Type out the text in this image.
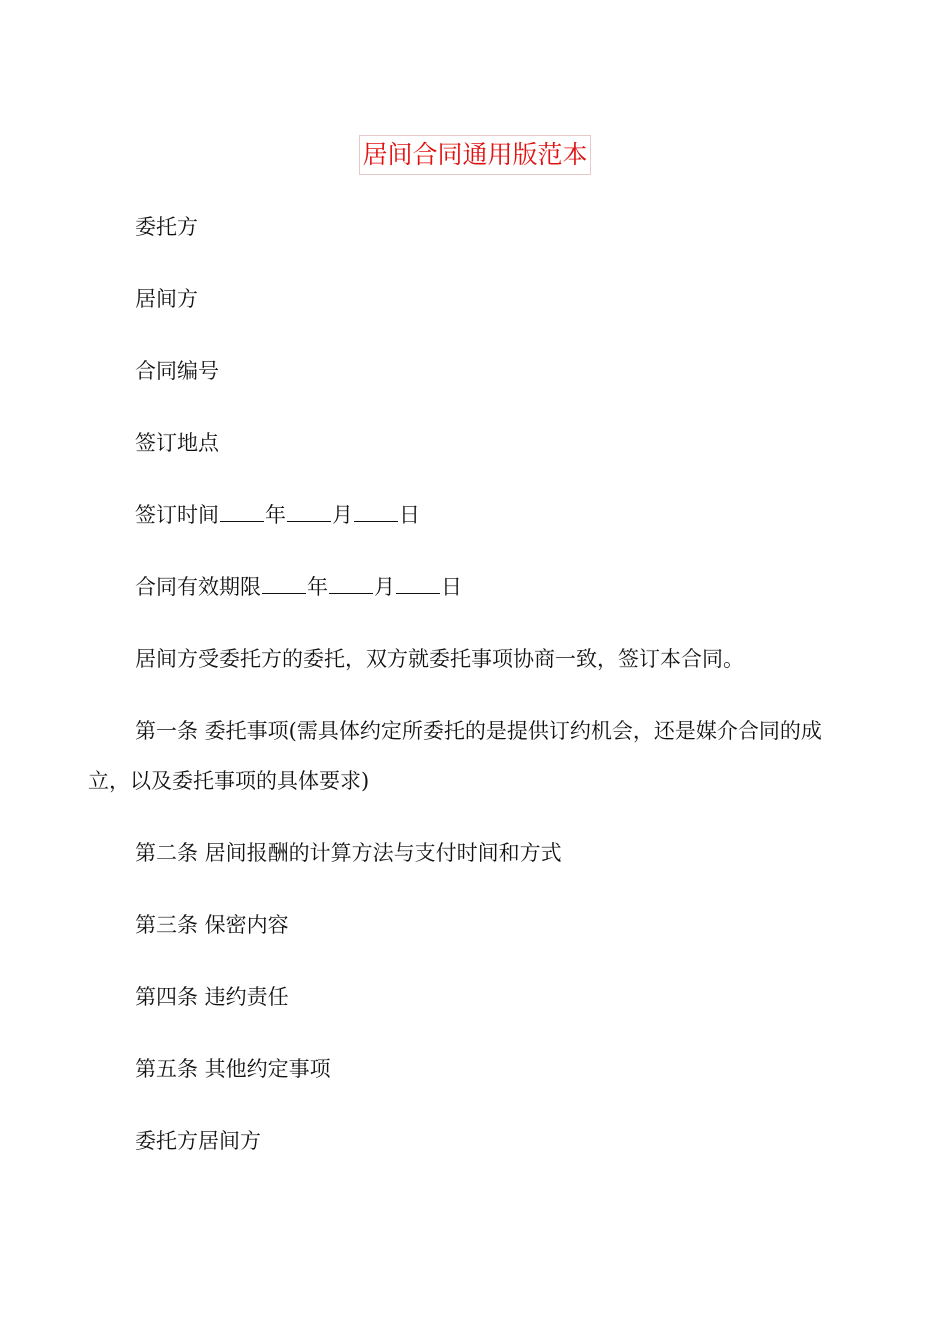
居间合同通用版范本
委托方
居间方
合同编号
签订地点
签订时间 年 月 日
合同有效期限 年 月 日
居间方受委托方的委托，双方就委托事项协商一致，签订本合同。
第一条 委托事项(需具体约定所委托的是提供订约机会，还是媒介合同的成
立，以及委托事项的具体要求)
第二条 居间报酬的计算方法与支付时间和方式
第三条 保密内容
第四条 违约责任
第五条 其他约定事项
委托方居间方
